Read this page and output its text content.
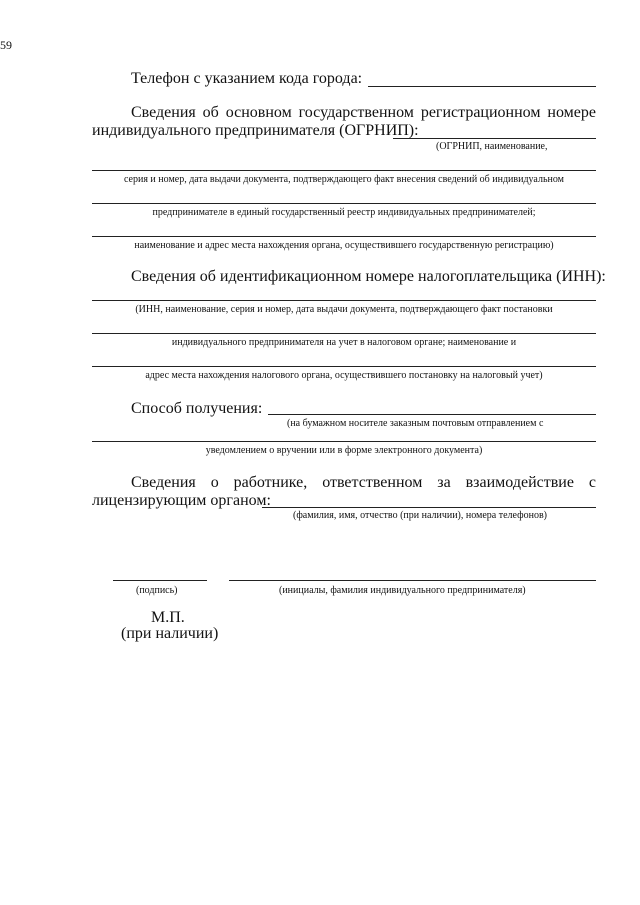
59
Телефон с указанием кода города:
Сведения об основном государственном регистрационном номере
индивидуального предпринимателя (ОГРНИП):
(ОГРНИП, наименование,
серия и номер, дата выдачи документа, подтверждающего факт внесения сведений об индивидуальном
предпринимателе в единый государственный реестр индивидуальных предпринимателей;
наименование и адрес места нахождения органа, осуществившего государственную регистрацию)
Сведения об идентификационном номере налогоплательщика (ИНН):
(ИНН, наименование, серия и номер, дата выдачи документа, подтверждающего факт постановки
индивидуального предпринимателя на учет в налоговом органе; наименование и
адрес места нахождения налогового органа, осуществившего постановку на налоговый учет)
Способ получения:
(на бумажном носителе заказным почтовым отправлением с
уведомлением о вручении или в форме электронного документа)
Сведения о работнике, ответственном за взаимодействие с
лицензирующим органом:
(фамилия, имя, отчество (при наличии), номера телефонов)
(подпись)	(инициалы, фамилия индивидуального предпринимателя)
М.П.
(при наличии)
